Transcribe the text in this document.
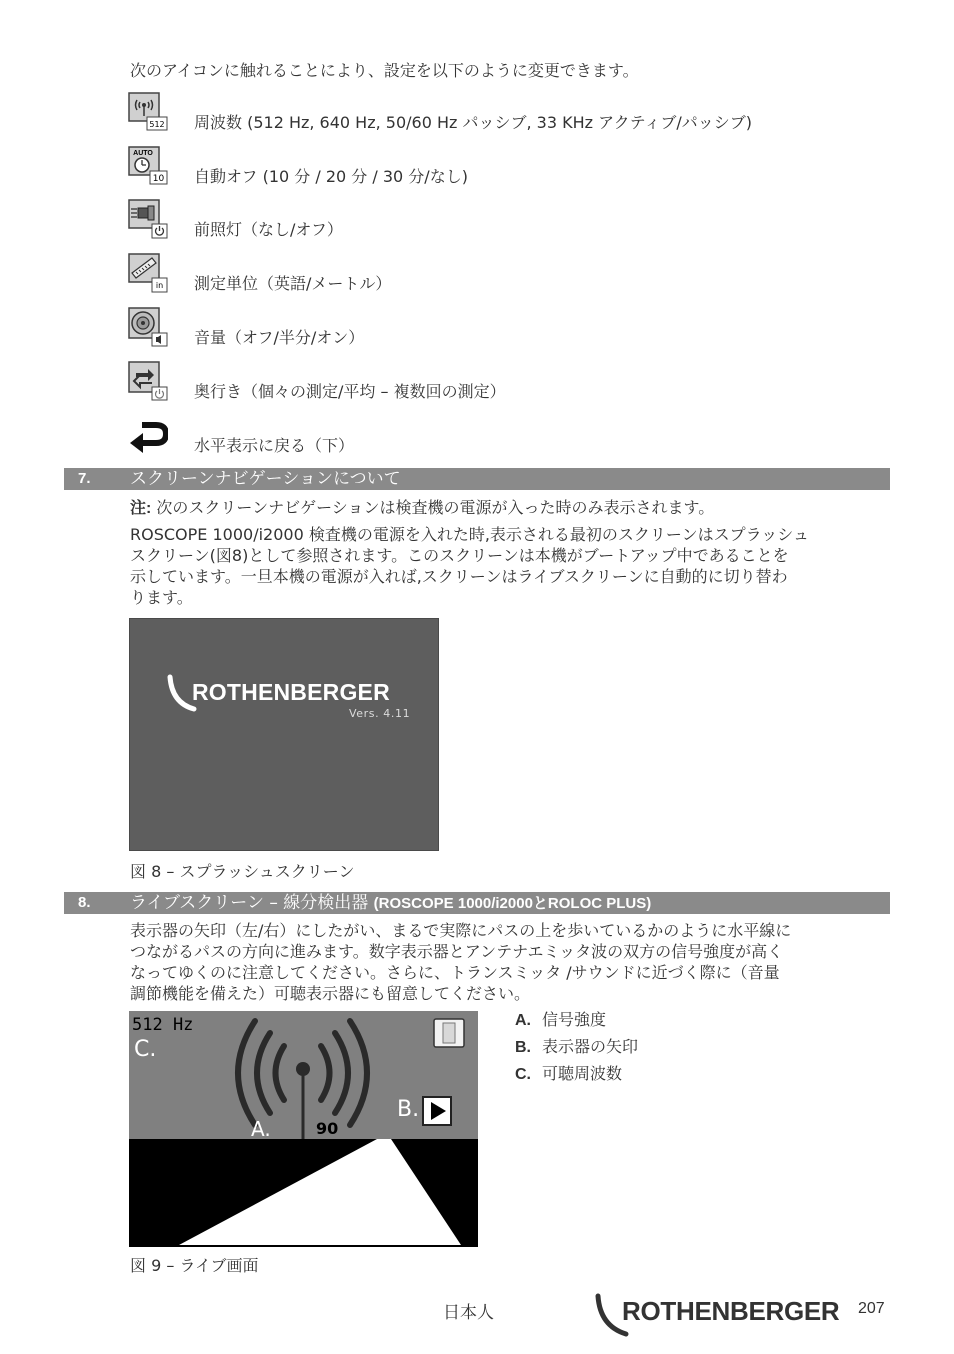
次のアイコンに触れることにより、設定を以下のように変更できます。
512 周波数 (512 Hz, 640 Hz, 50/60 Hz パッシブ, 33 KHz アクティブ/パッシブ)
AUTO
10 自動オフ (10 分 / 20 分 / 30 分/なし)
前照灯（なし/オフ）
in 測定単位（英語/メートル）
音量（オフ/半分/オン）
奥行き（個々の測定/平均 – 複数回の測定）
水平表示に戻る（下）
7. スクリーンナビゲーションについて
注: 次のスクリーンナビゲーションは検査機の電源が入った時のみ表示されます。
ROSCOPE 1000/i2000 検査機の電源を入れた時,表示される最初のスクリーンはスプラッシュ
スクリーン(図8)として参照されます。このスクリーンは本機がブートアップ中であることを
示しています。一旦本機の電源が入れば,スクリーンはライブスクリーンに自動的に切り替わ
ります。
ROTHENBERGER
Vers. 4.11
図 8 – スプラッシュスクリーン
8. ライブスクリーン – 線分検出器 (ROSCOPE 1000/i2000とROLOC PLUS)
表示器の矢印（左/右）にしたがい、まるで実際にパスの上を歩いているかのように水平線に
つながるパスの方向に進みます。数字表示器とアンテナエミッタ波の双方の信号強度が高く
なってゆくのに注意してください。さらに、トランスミッタ /サウンドに近づく際に（音量
調節機能を備えた）可聴表示器にも留意してください。
512 Hz
C.
A.	90
B.
図 9 – ライブ画面
A. 信号強度
B. 表示器の矢印
C. 可聴周波数
日本人	ROTHENBERGER 207
